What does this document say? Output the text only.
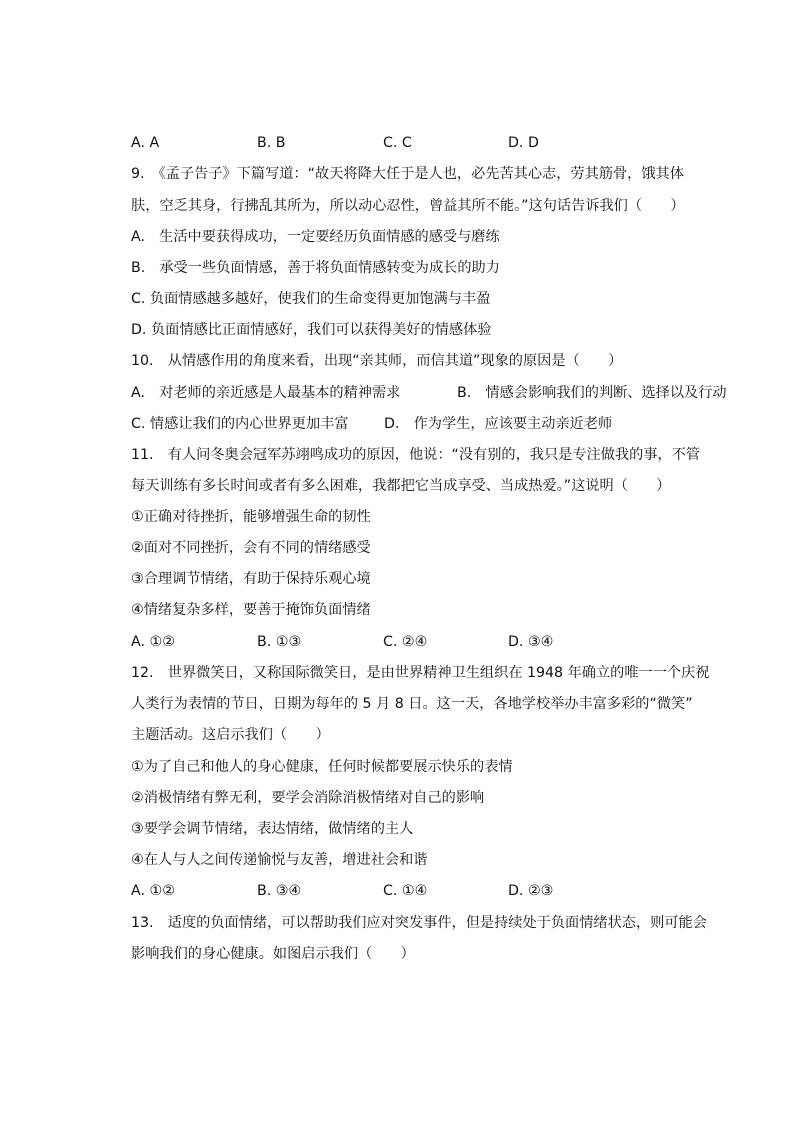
A. A	B. B	C. C	D. D
9.　《孟子告子》下篇写道：“故天将降大任于是人也，必先苦其心志，劳其筋骨，饿其体
肤，空乏其身，行拂乱其所为，所以动心忍性，曾益其所不能。”这句话告诉我们（　　）
A.　生活中要获得成功，一定要经历负面情感的感受与磨练
B.　承受一些负面情感，善于将负面情感转变为成长的助力
C. 负面情感越多越好，使我们的生命变得更加饱满与丰盈
D. 负面情感比正面情感好，我们可以获得美好的情感体验
10.　从情感作用的角度来看，出现“亲其师，而信其道”现象的原因是（　　）
A.　对老师的亲近感是人最基本的精神需求	B.　情感会影响我们的判断、选择以及行动
C. 情感让我们的内心世界更加丰富 D.　作为学生，应该要主动亲近老师
11.　有人问冬奥会冠军苏翊鸣成功的原因，他说：“没有别的，我只是专注做我的事，不管
每天训练有多长时间或者有多么困难，我都把它当成享受、当成热爱。”这说明（　　）
①正确对待挫折，能够增强生命的韧性
②面对不同挫折，会有不同的情绪感受
③合理调节情绪，有助于保持乐观心境
④情绪复杂多样，要善于掩饰负面情绪
A. ①②	B. ①③	C. ②④	D. ③④
12.　世界微笑日，又称国际微笑日，是由世界精神卫生组织在 1948 年确立的唯一一个庆祝
人类行为表情的节日，日期为每年的 5 月 8 日。这一天，各地学校举办丰富多彩的“微笑”
主题活动。这启示我们（　　）
①为了自己和他人的身心健康，任何时候都要展示快乐的表情
②消极情绪有弊无利，要学会消除消极情绪对自己的影响
③要学会调节情绪，表达情绪，做情绪的主人
④在人与人之间传递愉悦与友善，增进社会和谐
A. ①②	B. ③④	C. ①④	D. ②③
13.　适度的负面情绪，可以帮助我们应对突发事件，但是持续处于负面情绪状态，则可能会
影响我们的身心健康。如图启示我们（　　）
